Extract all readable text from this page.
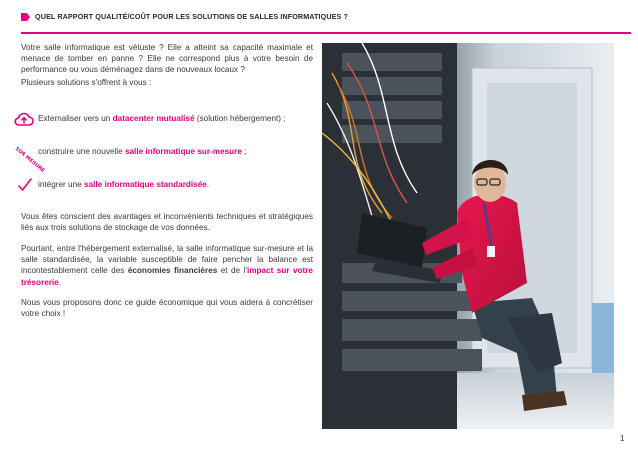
QUEL RAPPORT QUALITÉ/COÛT POUR LES SOLUTIONS DE SALLES INFORMATIQUES ?
Votre salle informatique est vétuste ? Elle a atteint sa capacité maximale et menace de tomber en panne ? Elle ne correspond plus à votre besoin de performance ou vous déménagez dans de nouveaux locaux ?
Plusieurs solutions s'offrent à vous :
Externaliser vers un datacenter mutualisé (solution hébergement) ;
SUR MESURE
construire une nouvelle salle informatique sur-mesure ;
intégrer une salle informatique standardisée.
Vous êtes conscient des avantages et inconvénients techniques et stratégiques liés aux trois solutions de stockage de vos données.
Pourtant, entre l'hébergement externalisé, la salle informatique sur-mesure et la salle standardisée, la variable susceptible de faire pencher la balance est incontestablement celle des économies financières et de l'impact sur votre trésorerie.
Nous vous proposons donc ce guide économique qui vous aidera à concrétiser votre choix !
1
